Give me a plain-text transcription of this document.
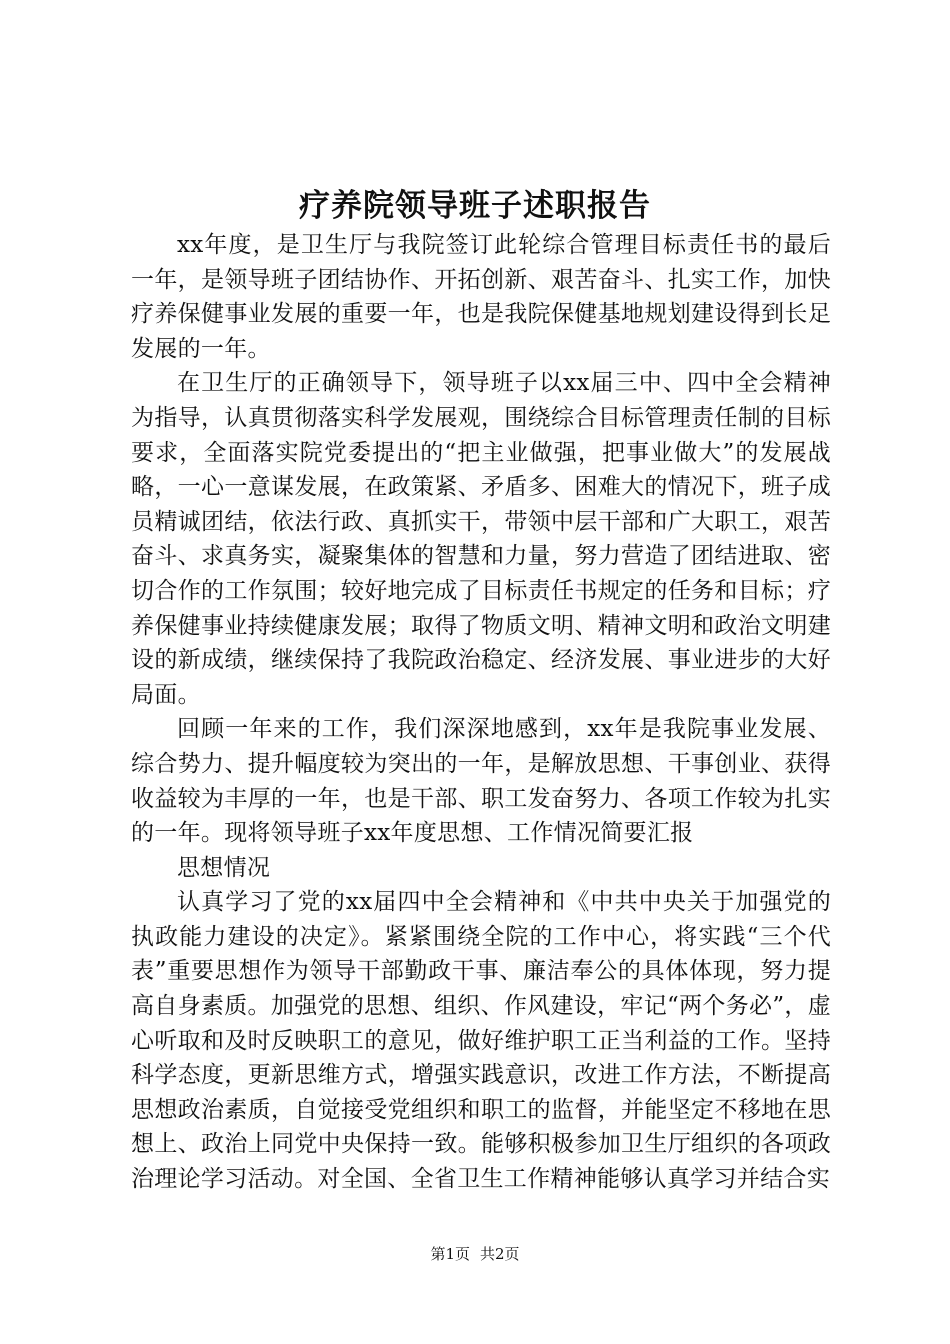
疗养院领导班子述职报告

xx年度，是卫生厅与我院签订此轮综合管理目标责任书的最后一年，是领导班子团结协作、开拓创新、艰苦奋斗、扎实工作，加快疗养保健事业发展的重要一年，也是我院保健基地规划建设得到长足发展的一年。

在卫生厅的正确领导下，领导班子以xx届三中、四中全会精神为指导，认真贯彻落实科学发展观，围绕综合目标管理责任制的目标要求，全面落实院党委提出的“把主业做强，把事业做大”的发展战略，一心一意谋发展，在政策紧、矛盾多、困难大的情况下，班子成员精诚团结，依法行政、真抓实干，带领中层干部和广大职工，艰苦奋斗、求真务实，凝聚集体的智慧和力量，努力营造了团结进取、密切合作的工作氛围；较好地完成了目标责任书规定的任务和目标；疗养保健事业持续健康发展；取得了物质文明、精神文明和政治文明建设的新成绩，继续保持了我院政治稳定、经济发展、事业进步的大好局面。

回顾一年来的工作，我们深深地感到，xx年是我院事业发展、综合势力、提升幅度较为突出的一年，是解放思想、干事创业、获得收益较为丰厚的一年，也是干部、职工发奋努力、各项工作较为扎实的一年。现将领导班子xx年度思想、工作情况简要汇报

思想情况

认真学习了党的xx届四中全会精神和《中共中央关于加强党的执政能力建设的决定》。紧紧围绕全院的工作中心，将实践“三个代表”重要思想作为领导干部勤政干事、廉洁奉公的具体体现，努力提高自身素质。加强党的思想、组织、作风建设，牢记“两个务必”，虚心听取和及时反映职工的意见，做好维护职工正当利益的工作。坚持科学态度，更新思维方式，增强实践意识，改进工作方法，不断提高思想政治素质，自觉接受党组织和职工的监督，并能坚定不移地在思想上、政治上同党中央保持一致。能够积极参加卫生厅组织的各项政治理论学习活动。对全国、全省卫生工作精神能够认真学习并结合实

第1页 共2页
